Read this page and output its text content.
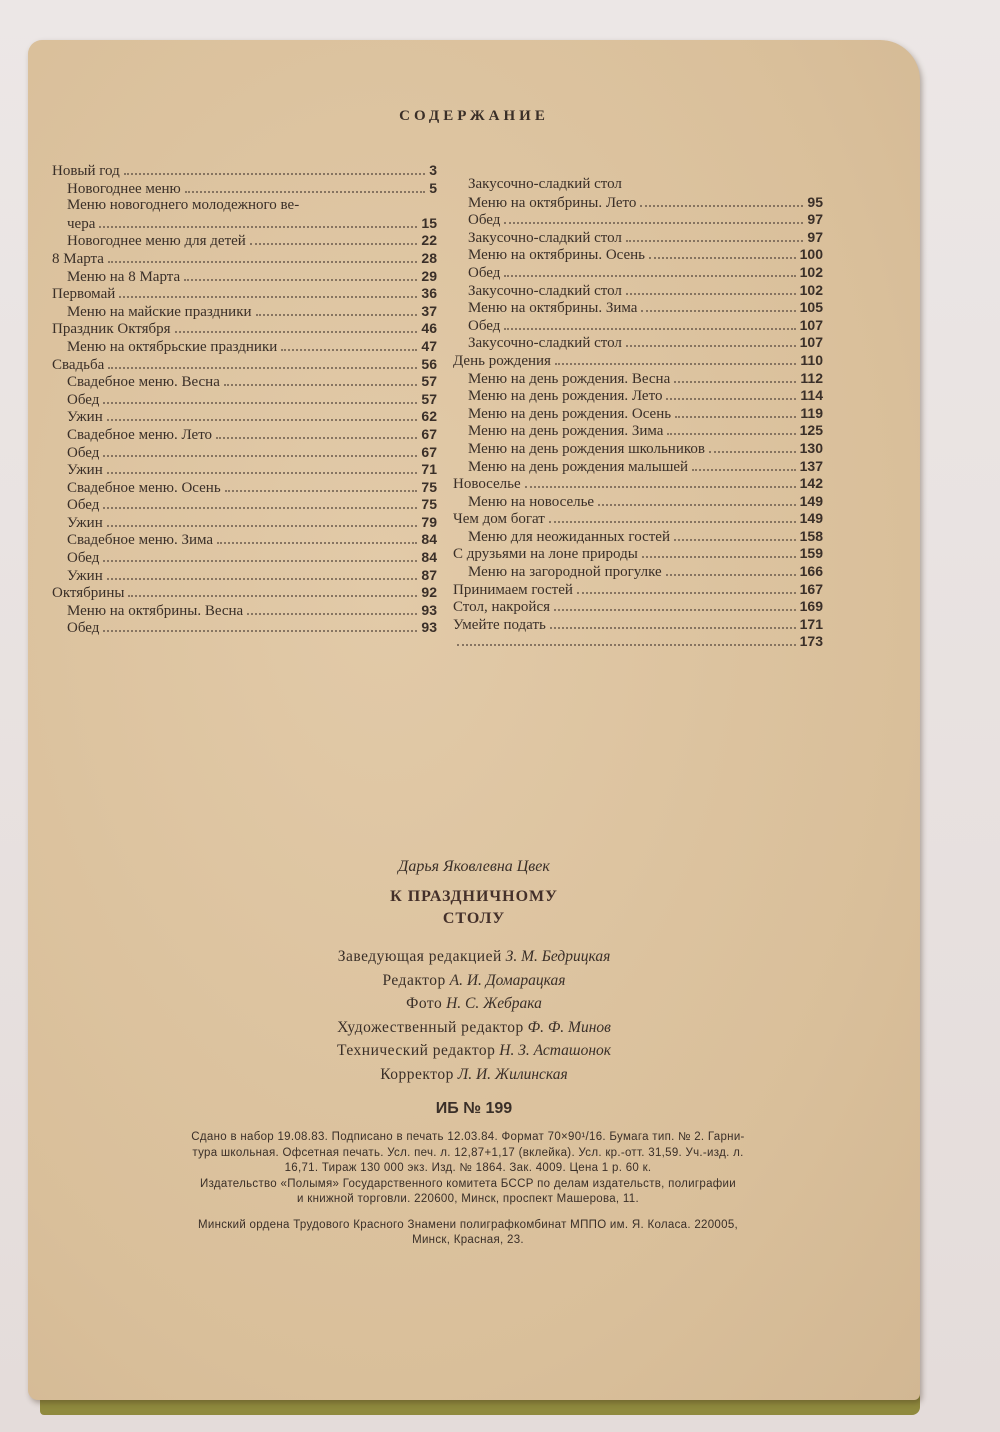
СОДЕРЖАНИЕ
Новый год	3
Новогоднее меню	5
Меню новогоднего молодежного ве-
чера	15
Новогоднее меню для детей	22
8 Марта	28
Меню на 8 Марта	29
Первомай	36
Меню на майские праздники	37
Праздник Октября	46
Меню на октябрьские праздники	47
Свадьба	56
Свадебное меню. Весна	57
Обед	57
Ужин	62
Свадебное меню. Лето	67
Обед	67
Ужин	71
Свадебное меню. Осень	75
Обед	75
Ужин	79
Свадебное меню. Зима	84
Обед	84
Ужин	87
Октябрины	92
Меню на октябрины. Весна	93
Обед	93
Закусочно-сладкий стол
Меню на октябрины. Лето	95
Обед	97
Закусочно-сладкий стол	97
Меню на октябрины. Осень	100
Обед	102
Закусочно-сладкий стол	102
Меню на октябрины. Зима	105
Обед	107
Закусочно-сладкий стол	107
День рождения	110
Меню на день рождения. Весна	112
Меню на день рождения. Лето	114
Меню на день рождения. Осень	119
Меню на день рождения. Зима	125
Меню на день рождения школьников	130
Меню на день рождения малышей	137
Новоселье	142
Меню на новоселье	149
Чем дом богат	149
Меню для неожиданных гостей	158
С друзьями на лоне природы	159
Меню на загородной прогулке	166
Принимаем гостей	167
Стол, накройся	169
Умейте подать	171
173
Дарья Яковлевна Цвек
К ПРАЗДНИЧНОМУ
СТОЛУ
Заведующая редакцией З. М. Бедрицкая
Редактор А. И. Домарацкая
Фото Н. С. Жебрака
Художественный редактор Ф. Ф. Минов
Технический редактор Н. З. Асташонок
Корректор Л. И. Жилинская
ИБ № 199
Сдано в набор 19.08.83. Подписано в печать 12.03.84. Формат 70×90¹/16. Бумага тип. № 2. Гарни-
тура школьная. Офсетная печать. Усл. печ. л. 12,87+1,17 (вклейка). Усл. кр.-отт. 31,59. Уч.-изд. л.
16,71. Тираж 130 000 экз. Изд. № 1864. Зак. 4009. Цена 1 р. 60 к.
Издательство «Полымя» Государственного комитета БССР по делам издательств, полиграфии
и книжной торговли. 220600, Минск, проспект Машерова, 11.
Минский ордена Трудового Красного Знамени полиграфкомбинат МППО им. Я. Коласа. 220005,
Минск, Красная, 23.
